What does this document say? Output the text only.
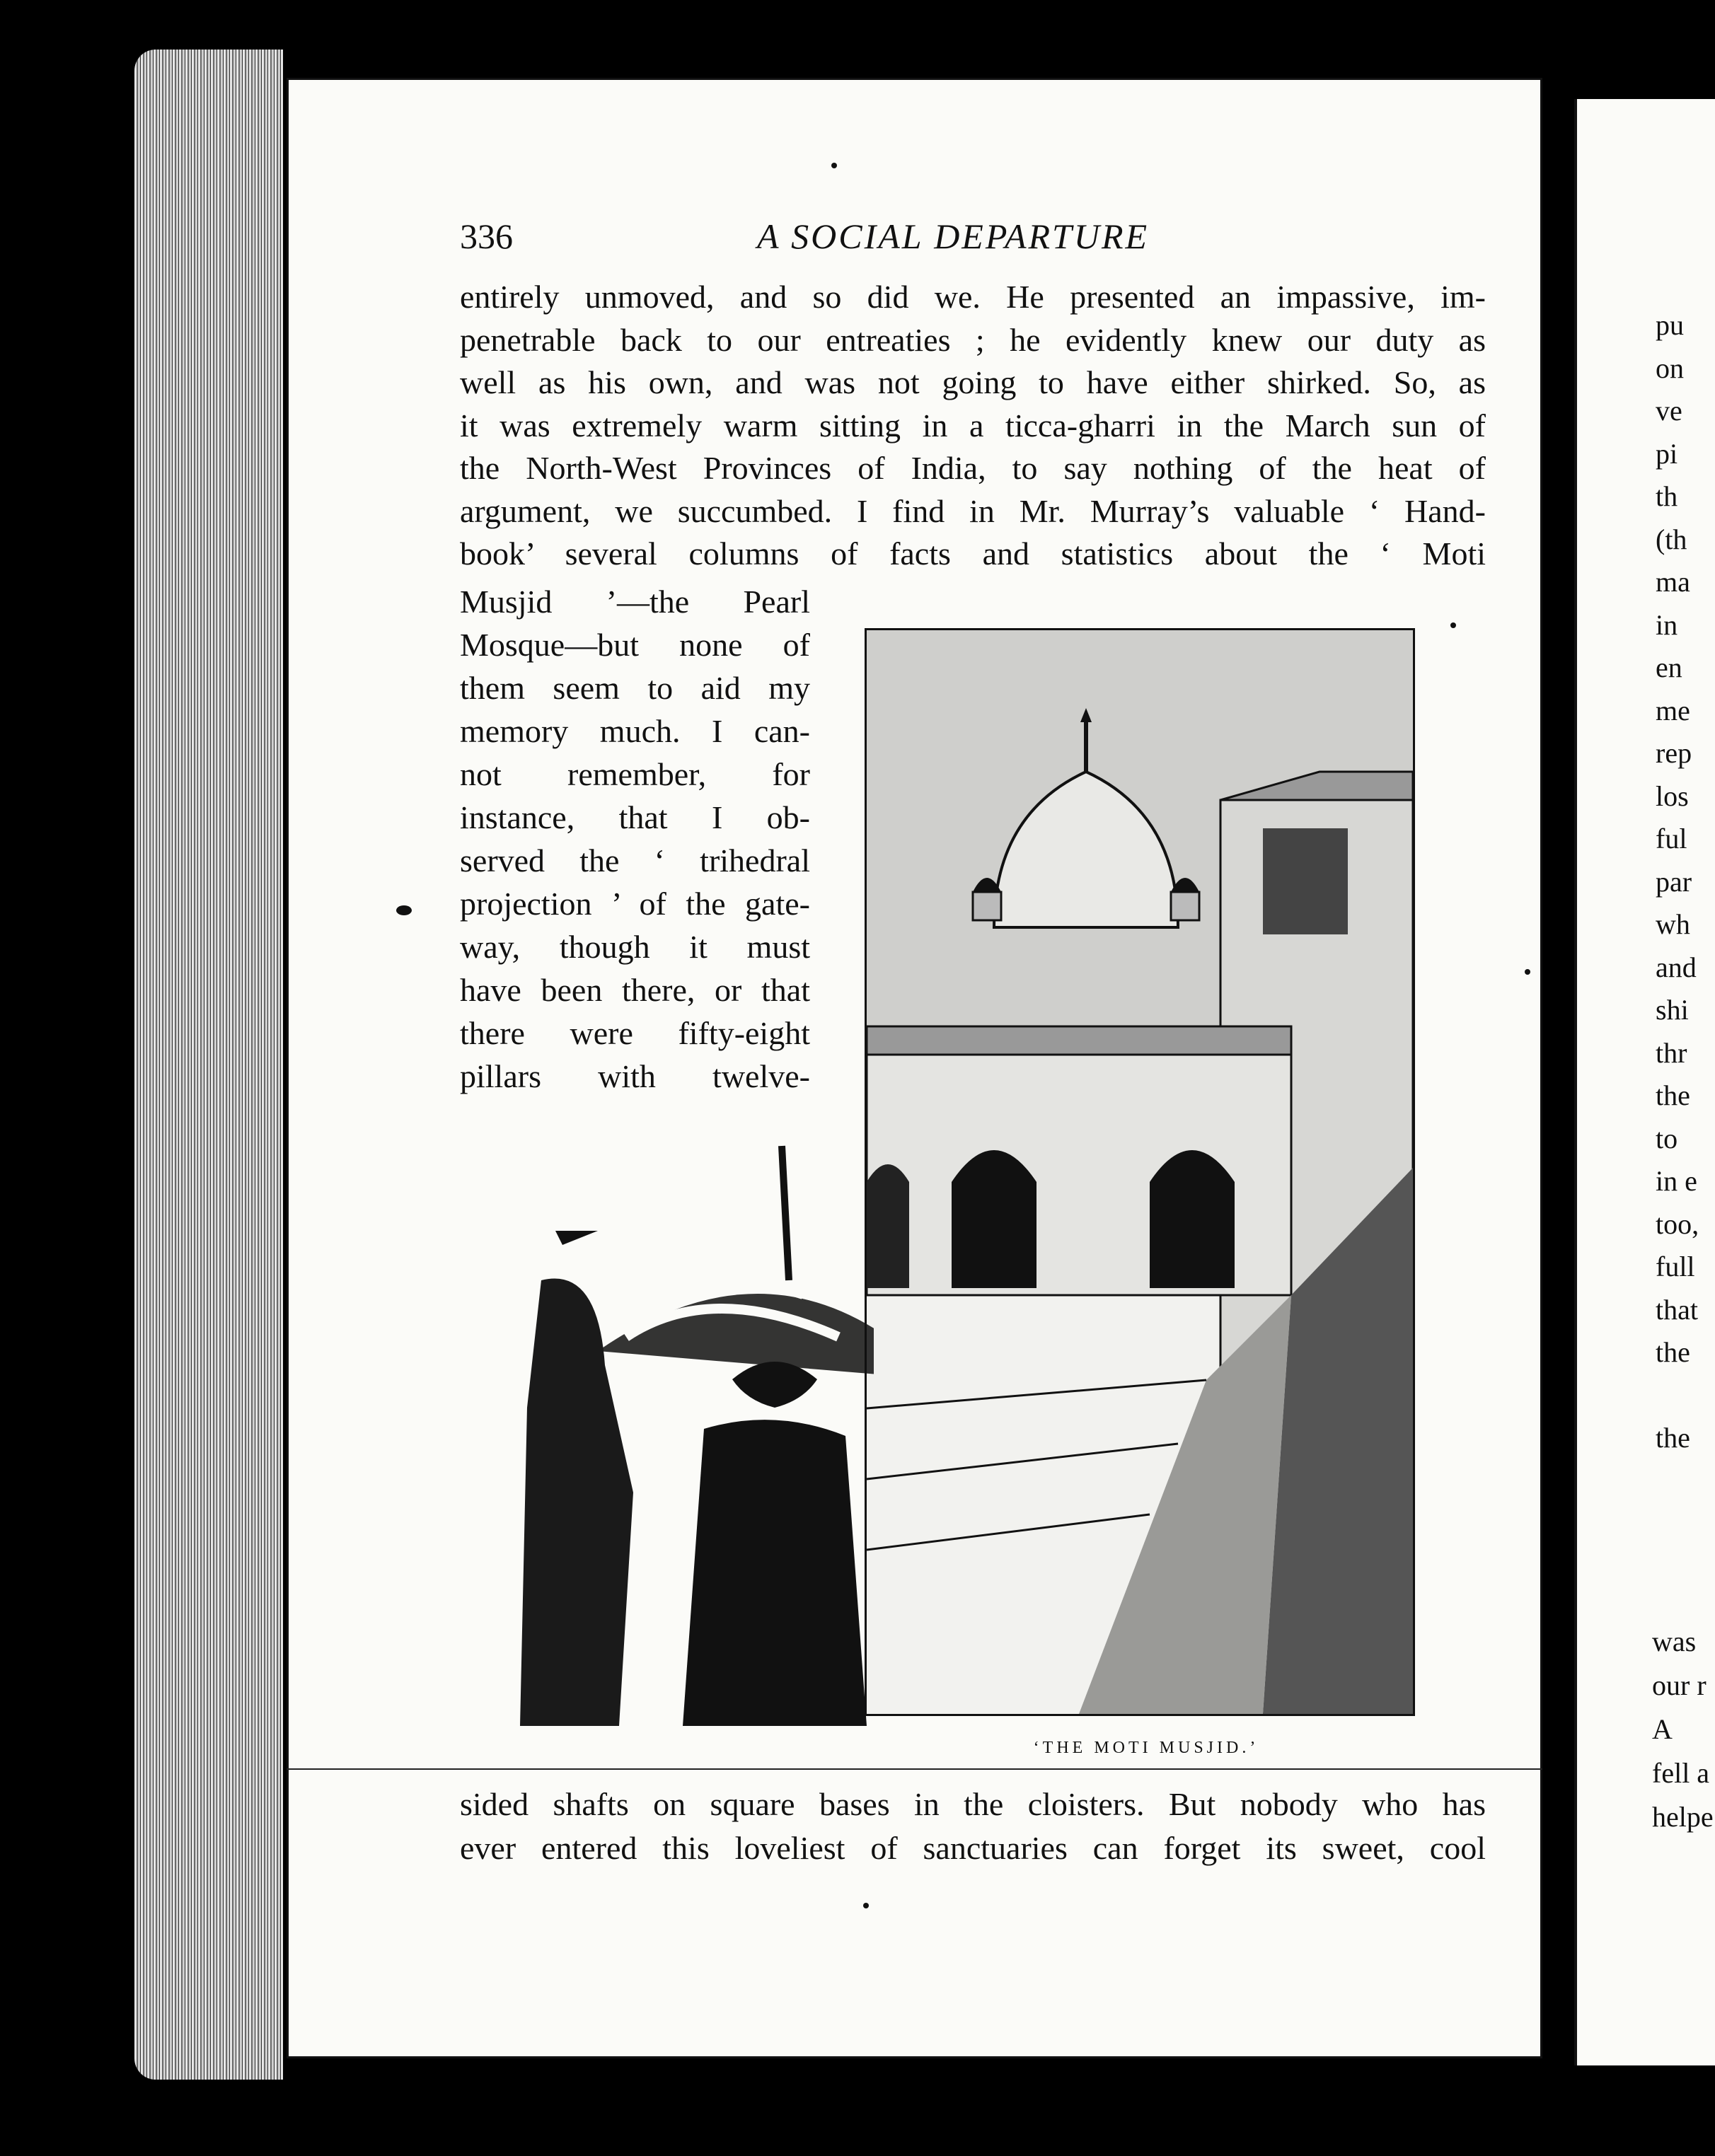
336	A SOCIAL DEPARTURE

entirely unmoved, and so did we. He presented an impassive, im-

penetrable back to our entreaties ; he evidently knew our duty as

well as his own, and was not going to have either shirked. So, as

it was extremely warm sitting in a ticca-gharri in the March sun of

the North-West Provinces of India, to say nothing of the heat of

argument, we succumbed. I find in Mr. Murray’s valuable ‘ Hand-

book’ several columns of facts and statistics about the ‘ Moti

Musjid ’—the Pearl

Mosque—but none of

them seem to aid my

memory much. I can-

not remember, for

instance, that I ob-

served the ‘ trihedral

projection ’ of the gate-

way, though it must

have been there, or that

there were fifty-eight

pillars with twelve-

‘THE MOTI MUSJID.’

sided shafts on square bases in the cloisters. But nobody who has

ever entered this loveliest of sanctuaries can forget its sweet, cool

pu
on
ve
pi
th
(th
ma
in
en
me
rep
los
ful
par
wh
and
shi
thr
the
to
in e
too,
full
that
the
the
was
our r
A
fell a
helpe
